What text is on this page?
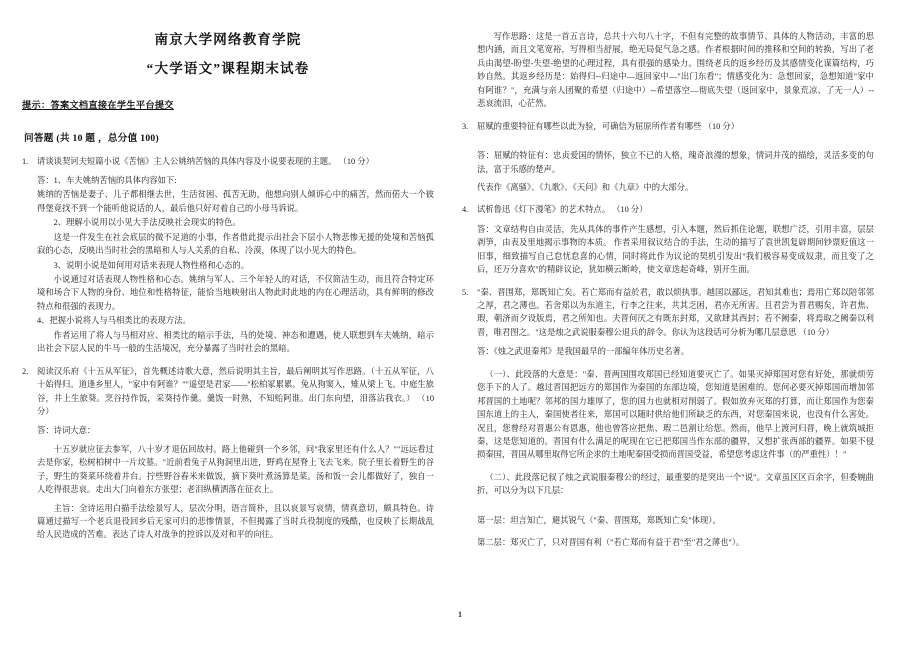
南京大学网络教育学院
“大学语文”课程期末试卷
提示：答案文档直接在学生平台提交
问答题 (共 10 题 ，总分值 100)
1.	请谈谈契诃夫短篇小说《苦恼》主人公姚纳苦恼的具体内容及小说要表现的主题。 （10 分）

答：1、车夫姚纳苦恼的具体内容如下:

姚纳的苦恼是妻子、儿子都相继去世，生活贫困、孤苦无助，他想向别人倾诉心中的痛苦，然而偌大一个彼得堡竟找不到一个能听他说话的人，最后他只好对着自己的小母马诉说。

2、理解小说用以小见大手法反映社会现实的特色。

这是一件发生在社会底层的微不足道的小事，作者借此提示出社会下层小人物悲惨无援的处境和苦恼孤寂的心态，反映出当时社会的黑暗和人与人关系的自私、冷漠，体现了以小见大的特色。

3、说明小说是如何用对话来表现人物性格和心态的。

小说通过对话表现人物性格和心态。姚纳与军人、三个年轻人的对话，不仅简洁生动，而且符合特定环境和场合下人物的身份、地位和性格特征，能恰当地映射出人物此时此地的内在心理活动，具有鲜明的修改特点和很强的表现力。

4、把握小说将人与马相类比的表现方法。

作者运用了将人与马相对应、相类比的暗示手法，马的处境、神态和遭遇，使人联想到车夫姚纳，暗示出社会下层人民的牛马一般的生活境况，充分暴露了当时社会的黑暗。

2.	阅读汉乐府《十五从军征》，首先概述诗歌大意，然后说明其主旨，最后阐明其写作思路。（十五从军征，八十始得归。道逢乡里人，"家中有阿谁？""遥望是君家——"松柏冢累累。兔从狗窦入，雉从梁上飞。中庭生旅谷，井上生旅葵。烹谷持作饭，采葵持作羹。羹饭一时熟，不知贻阿谁。出门东向望，泪落沾我衣。） （10 分）

答：诗词大意：

十五岁就应征去参军，八十岁才退伍回故村。路上他碰到一个乡邻，问"我家里还有什么人？""远远看过去是你家，松树柏树中一片坟墓。"近前看兔子从狗洞里出进，野鸡在屋脊上飞去飞来。院子里长着野生的谷子，野生的葵菜环绕着井台。拧些野谷舂米来做饭，摘下葵叶煮汤算是菜。汤和饭一会儿都做好了，独自一人吃得很悲哀。走出大门向着东方张望；老泪纵横洒落在征衣上。

主旨：全诗运用白描手法绘景写人，层次分明，语言简朴，且以哀景写哀情，情真意切，颇具特色。诗篇通过描写一个老兵退役回乡后无家可归的悲惨情景，不但揭露了当时兵役制度的残酷，也反映了长期战乱给人民造成的苦难。表达了诗人对战争的控诉以及对和平的向往。

写作思路：这是一首五言诗，总共十六句八十字，不但有完整的故事情节、具体的人物活动，丰富的思想内涵，而且文笔宽裕，写得相当舒展，绝无局促气急之感。作者根据时间的推移和空间的转换，写出了老兵由渴望-盼望-失望-绝望的心理过程，具有很强的感染力。围绕老兵的返乡经历及其感情变化谋篇结构，巧妙自然。其返乡经历是：始得归--归途中—返回家中—"出门东看"；情感变化为：急想回家，急想知道"家中有阿谁？"，充满与亲人团聚的希望（归途中）--希望落空—彻底失望（返回家中，景象荒凉、了无一人）--悲哀流泪，心茫然。

3.	屈赋的重要特征有哪些以此为验，可确信为屈原所作者有哪些 （10 分）

答：屈赋的特征有：忠贞爱国的情怀，独立不已的人格，瑰奇浪漫的想象，情词并茂的描绘，灵活多变的句法，富于乐感的楚声。

代表作《离骚》、《九歌》、《天问》和《九章》中的大部分。

4.	试析鲁迅《灯下漫笔》的艺术特点。 （10 分）

答：文章结构自由灵活，先从具体的事件产生感想，引入本题，然后抓住论题，联想广泛，引用丰富，层层剥笋，由表及里地揭示事物的本质。 作者采用叙议结合的手法，生动的描写了袁世凯复辟期间钞票贬值这一旧事，细致描写自己怠忧怠喜的心情，同时将此作为议论的契机引发出"我们极容易变成奴隶，而且变了之后，还万分喜欢"的精辟议论，犹如横云断岭，使文章迭起奇峰，别开生面。

5.	"秦、晋围郑，郑既知亡矣。若亡郑而有益於君，敢以烦执事。越国以鄙远，君知其难也；焉用亡郑以陪邻邻之厚，君之薄也。若舍郑以为东道主，行李之往来，共其乏困，君亦无所害。且君尝为晋君赐矣，许君焦、瑕，朝济而夕设版焉，君之所知也。夫晋何厌之有既东封郑，又欲肆其西封；若不阙秦，将焉取之阙秦以利晋，唯君图之。"这是烛之武说服秦穆公退兵的辞令。你认为这段话可分析为哪几层意思 （10 分）

答：《烛之武退秦邦》是我国最早的一部编年体历史名著。

（一）、此段落的大意是："秦、晋两国围攻郑国已经知道要灭亡了。如果灭掉郑国对您有好处，那就烦劳您手下的人了。越过晋国把远方的郑国作为秦国的东部边境，您知道是困难的。您何必要灭掉郑国而增加邻邦晋国的土地呢？邻邦的国力雄厚了，您的国力也就相对削弱了。假如放弃灭郑的打算，而让郑国作为您秦国东道上的主人，秦国使者往来，郑国可以随时供给他们所缺乏的东西，对您秦国来说，也没有什么害处。况且，您曾经对晋惠公有恩惠，他也曾答应把焦、瑕二邑割让给您。然而，他早上渡河归晋，晚上就筑城拒秦，这是您知道的。晋国有什么满足的呢现在它已把郑国当作东部的疆界，又想扩张西部的疆界。如果不侵损秦国，晋国从哪里取得它所企求的土地呢秦国受损而晋国受益，希望您考虑这件事（的严重性）！"

（二）、此段落记叙了烛之武说服秦穆公的经过，最重要的是突出一个"说"。文章虽区区百余字，但委婉曲折，可以分为以下几层：

第一层：坦言知亡，避其锐气（"秦、晋围郑，郑既知亡矣"体现）。

第二层：郑灭亡了，只对晋国有利（"若亡郑而有益于君"至"君之薄也"）。

1
